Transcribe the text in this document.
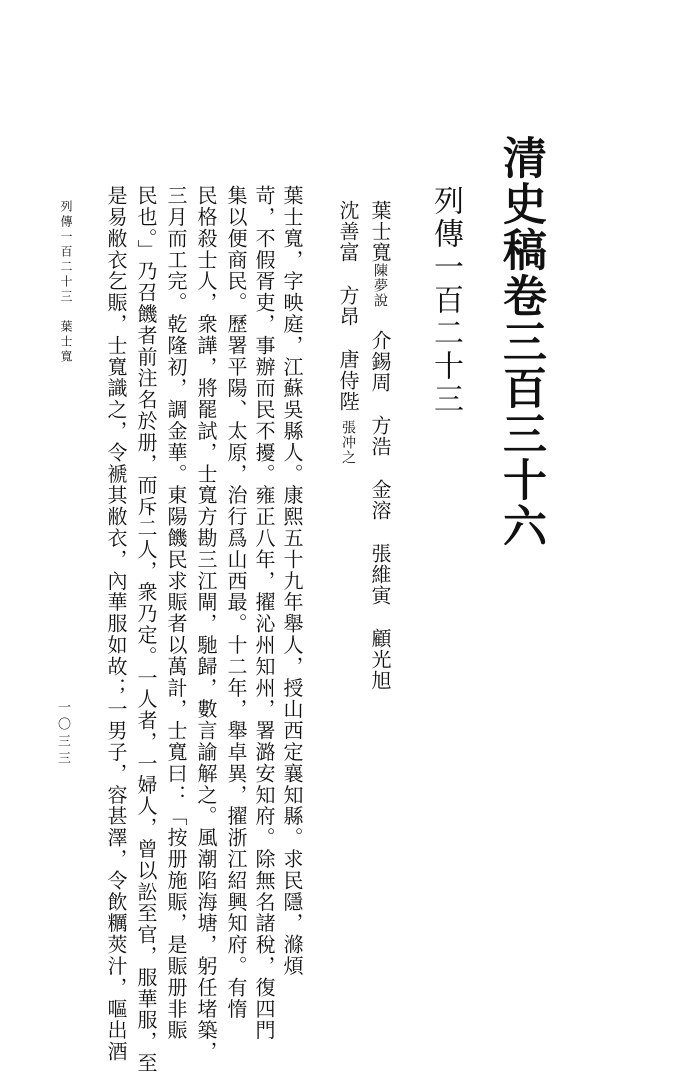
清史稿卷三百三十六
列傳一百二十三
葉士寬陳夢說介錫周方浩金溶張維寅顧光旭
沈善富方昂唐侍陛張冲之
葉士寬，字映庭，江蘇吳縣人。康熙五十九年舉人，授山西定襄知縣。求民隱，滌煩
苛，不假胥吏，事辦而民不擾。雍正八年，擢沁州知州，署潞安知府。除無名諸稅，復四門
集以便商民。歷署平陽、太原，治行爲山西最。十二年，舉卓異，擢浙江紹興知府。有惰
民格殺士人，衆譁，將罷試，士寬方勘三江閘，馳歸，數言諭解之。風潮陷海塘，躬任堵築，
三月而工完。乾隆初，調金華。東陽饑民求賑者以萬計，士寬曰：「按册施賑，是賑册非賑
民也。」乃召饑者前注名於册，而斥二人，衆乃定。一人者，一婦人，曾以訟至官，服華服，至
是易敝衣乞賑，士寬識之，令褫其敝衣，內華服如故；一男子，容甚澤，令飲糲莢汁，嘔出酒
列傳一百二十三　葉士寬
一〇三三
